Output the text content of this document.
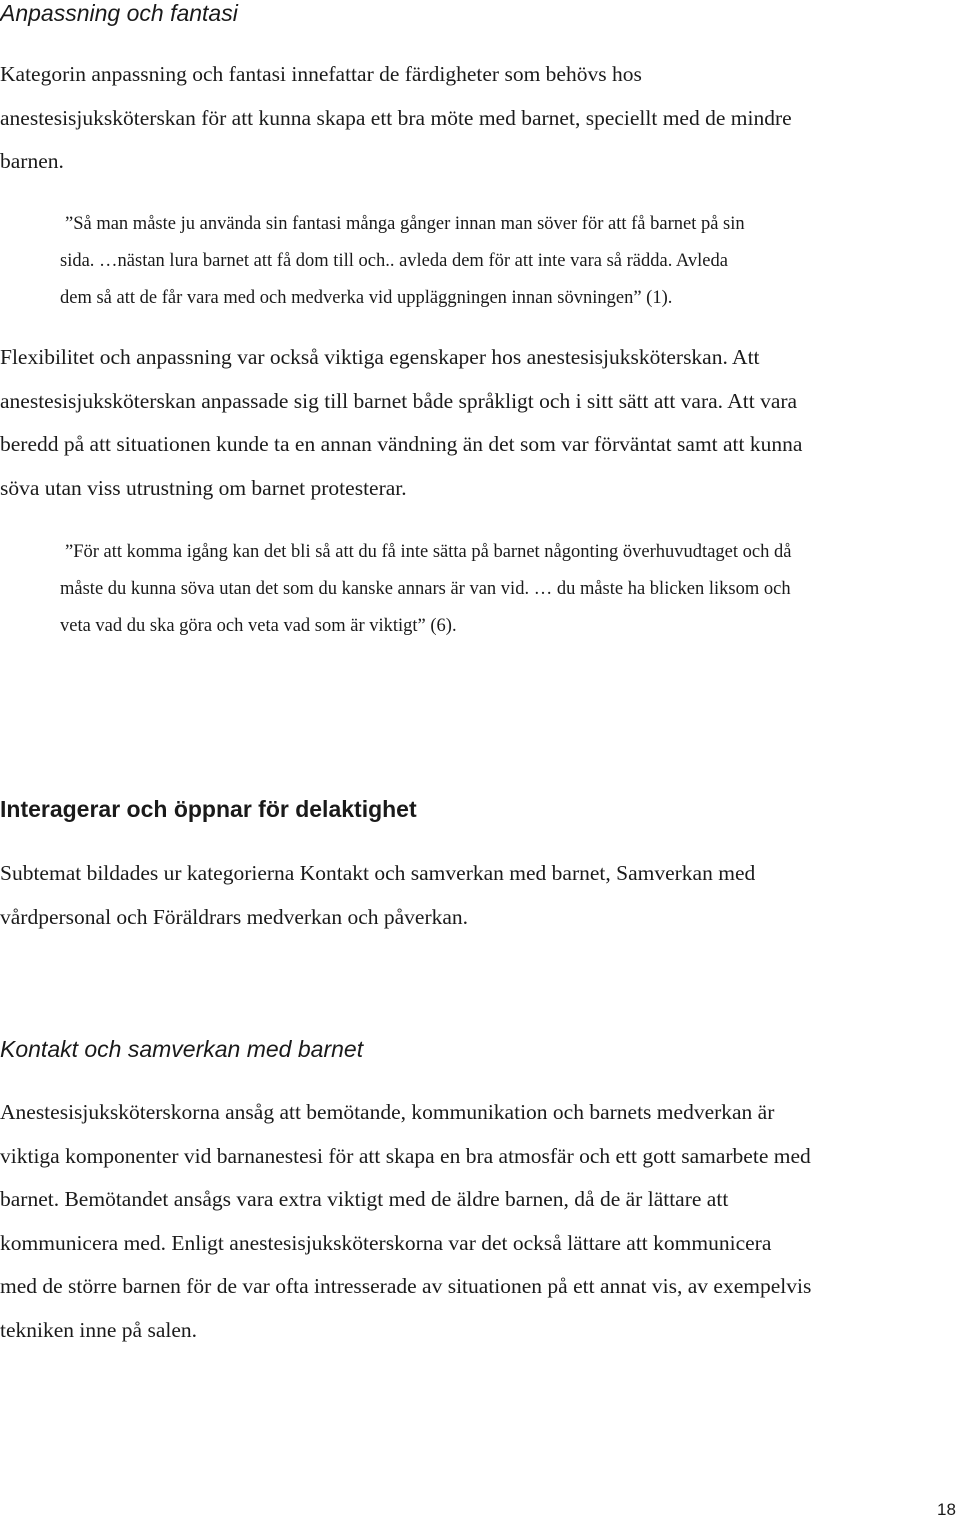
Anpassning och fantasi

Kategorin anpassning och fantasi innefattar de färdigheter som behövs hos
anestesisjuksköterskan för att kunna skapa ett bra möte med barnet, speciellt med de mindre
barnen.

”Så man måste ju använda sin fantasi många gånger innan man söver för att få barnet på sin
sida. …nästan lura barnet att få dom till och.. avleda dem för att inte vara så rädda. Avleda
dem så att de får vara med och medverka vid uppläggningen innan sövningen” (1).

Flexibilitet och anpassning var också viktiga egenskaper hos anestesisjuksköterskan. Att
anestesisjuksköterskan anpassade sig till barnet både språkligt och i sitt sätt att vara. Att vara
beredd på att situationen kunde ta en annan vändning än det som var förväntat samt att kunna
söva utan viss utrustning om barnet protesterar.

”För att komma igång kan det bli så att du få inte sätta på barnet någonting överhuvudtaget och då
måste du kunna söva utan det som du kanske annars är van vid. … du måste ha blicken liksom och
veta vad du ska göra och veta vad som är viktigt” (6).

Interagerar och öppnar för delaktighet

Subtemat bildades ur kategorierna Kontakt och samverkan med barnet, Samverkan med
vårdpersonal och Föräldrars medverkan och påverkan.

Kontakt och samverkan med barnet

Anestesisjuksköterskorna ansåg att bemötande, kommunikation och barnets medverkan är
viktiga komponenter vid barnanestesi för att skapa en bra atmosfär och ett gott samarbete med
barnet. Bemötandet ansågs vara extra viktigt med de äldre barnen, då de är lättare att
kommunicera med. Enligt anestesisjuksköterskorna var det också lättare att kommunicera
med de större barnen för de var ofta intresserade av situationen på ett annat vis, av exempelvis
tekniken inne på salen.

18
